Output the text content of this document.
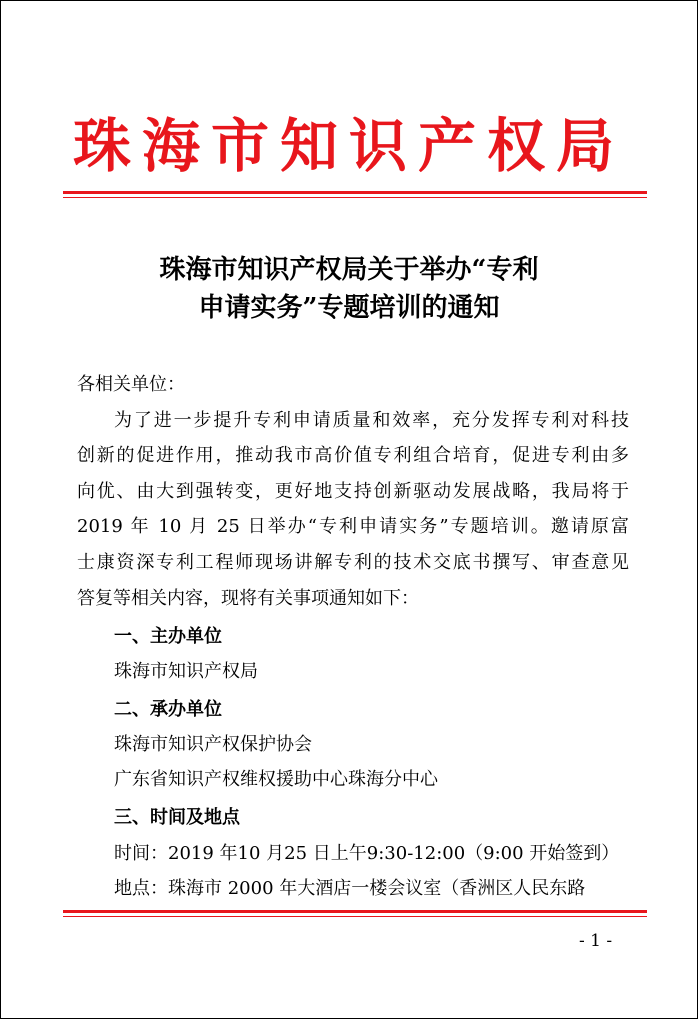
珠海市知识产权局
珠海市知识产权局关于举办“专利
申请实务”专题培训的通知
各相关单位：
为了进一步提升专利申请质量和效率，充分发挥专利对科技
创新的促进作用，推动我市高价值专利组合培育，促进专利由多
向优、由大到强转变，更好地支持创新驱动发展战略，我局将于
2019 年 10 月 25 日举办“专利申请实务”专题培训。邀请原富
士康资深专利工程师现场讲解专利的技术交底书撰写、审查意见
答复等相关内容，现将有关事项通知如下：
一、主办单位
珠海市知识产权局
二、承办单位
珠海市知识产权保护协会
广东省知识产权维权援助中心珠海分中心
三、时间及地点
时间：2019 年10 月25 日上午9:30-12:00（9:00 开始签到）
地点：珠海市 2000 年大酒店一楼会议室（香洲区人民东路
- 1 -
